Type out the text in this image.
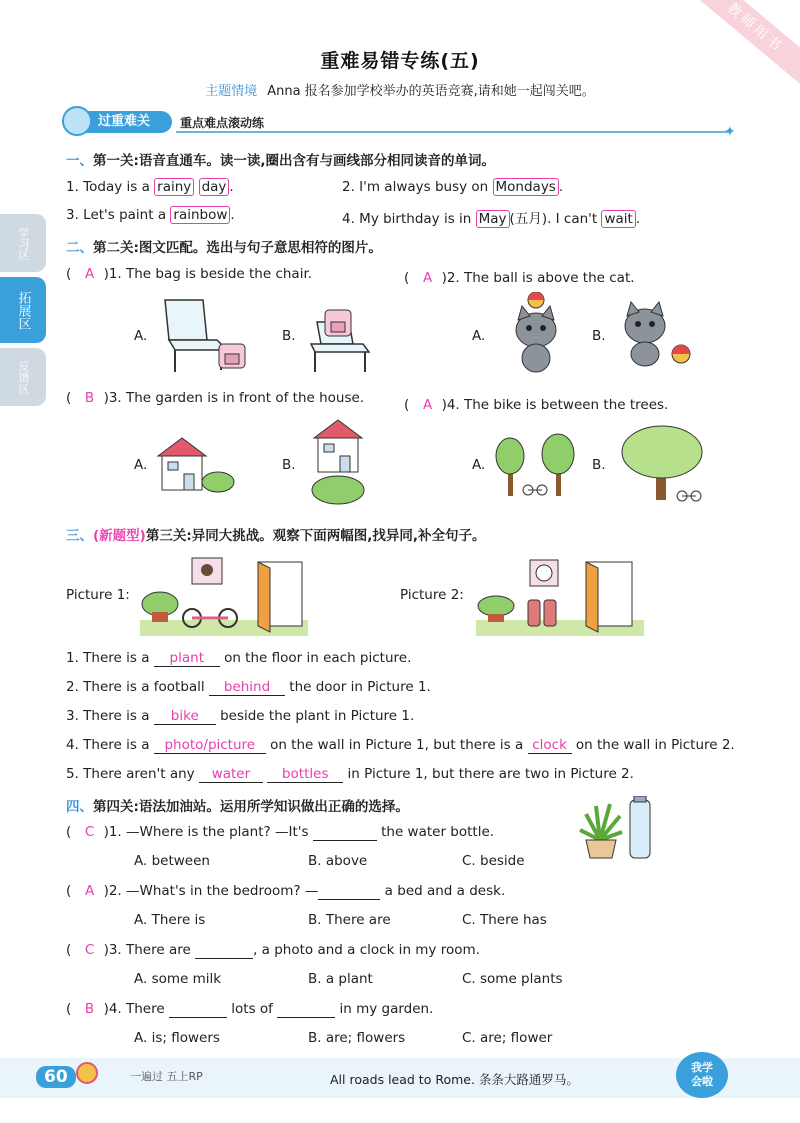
教师用书
重难易错专练(五)
主题情境 Anna 报名参加学校举办的英语竞赛,请和她一起闯关吧。
过重难关	重点难点滚动练
✦
学习区
拓展区
反馈区
一、第一关:语音直通车。读一读,圈出含有与画线部分相同读音的单词。
1. Today is a rainy day .	2. I'm always busy on Mondays .
3. Let's paint a rainbow .	4. My birthday is in May (五月). I can't wait .
二、第二关:图文匹配。选出与句子意思相符的图片。
( A )1. The bag is beside the chair.	( A )2. The ball is above the cat.
( B )3. The garden is in front of the house.	( A )4. The bike is between the trees.
A.	B.	A.	B.
A.	B.	A.	B.
三、(新题型)第三关:异同大挑战。观察下面两幅图,找异同,补全句子。
Picture 1:	Picture 2:
1. There is a plant on the floor in each picture.
2. There is a football behind the door in Picture 1.
3. There is a bike beside the plant in Picture 1.
4. There is a photo/picture on the wall in Picture 1, but there is a clock on the wall in Picture 2.
5. There aren't any water bottles in Picture 1, but there are two in Picture 2.
四、第四关:语法加油站。运用所学知识做出正确的选择。
( C )1. —Where is the plant? —It's	the water bottle.
A. between	B. above	C. beside
( A )2. —What's in the bedroom? —	a bed and a desk.
A. There is	B. There are	C. There has
( C )3. There are	, a photo and a clock in my room.
A. some milk	B. a plant	C. some plants
( B )4. There	lots of	in my garden.
A. is; flowers	B. are; flowers	C. are; flower
60	一遍过 五上RP	All roads lead to Rome. 条条大路通罗马。
我学
会啦
